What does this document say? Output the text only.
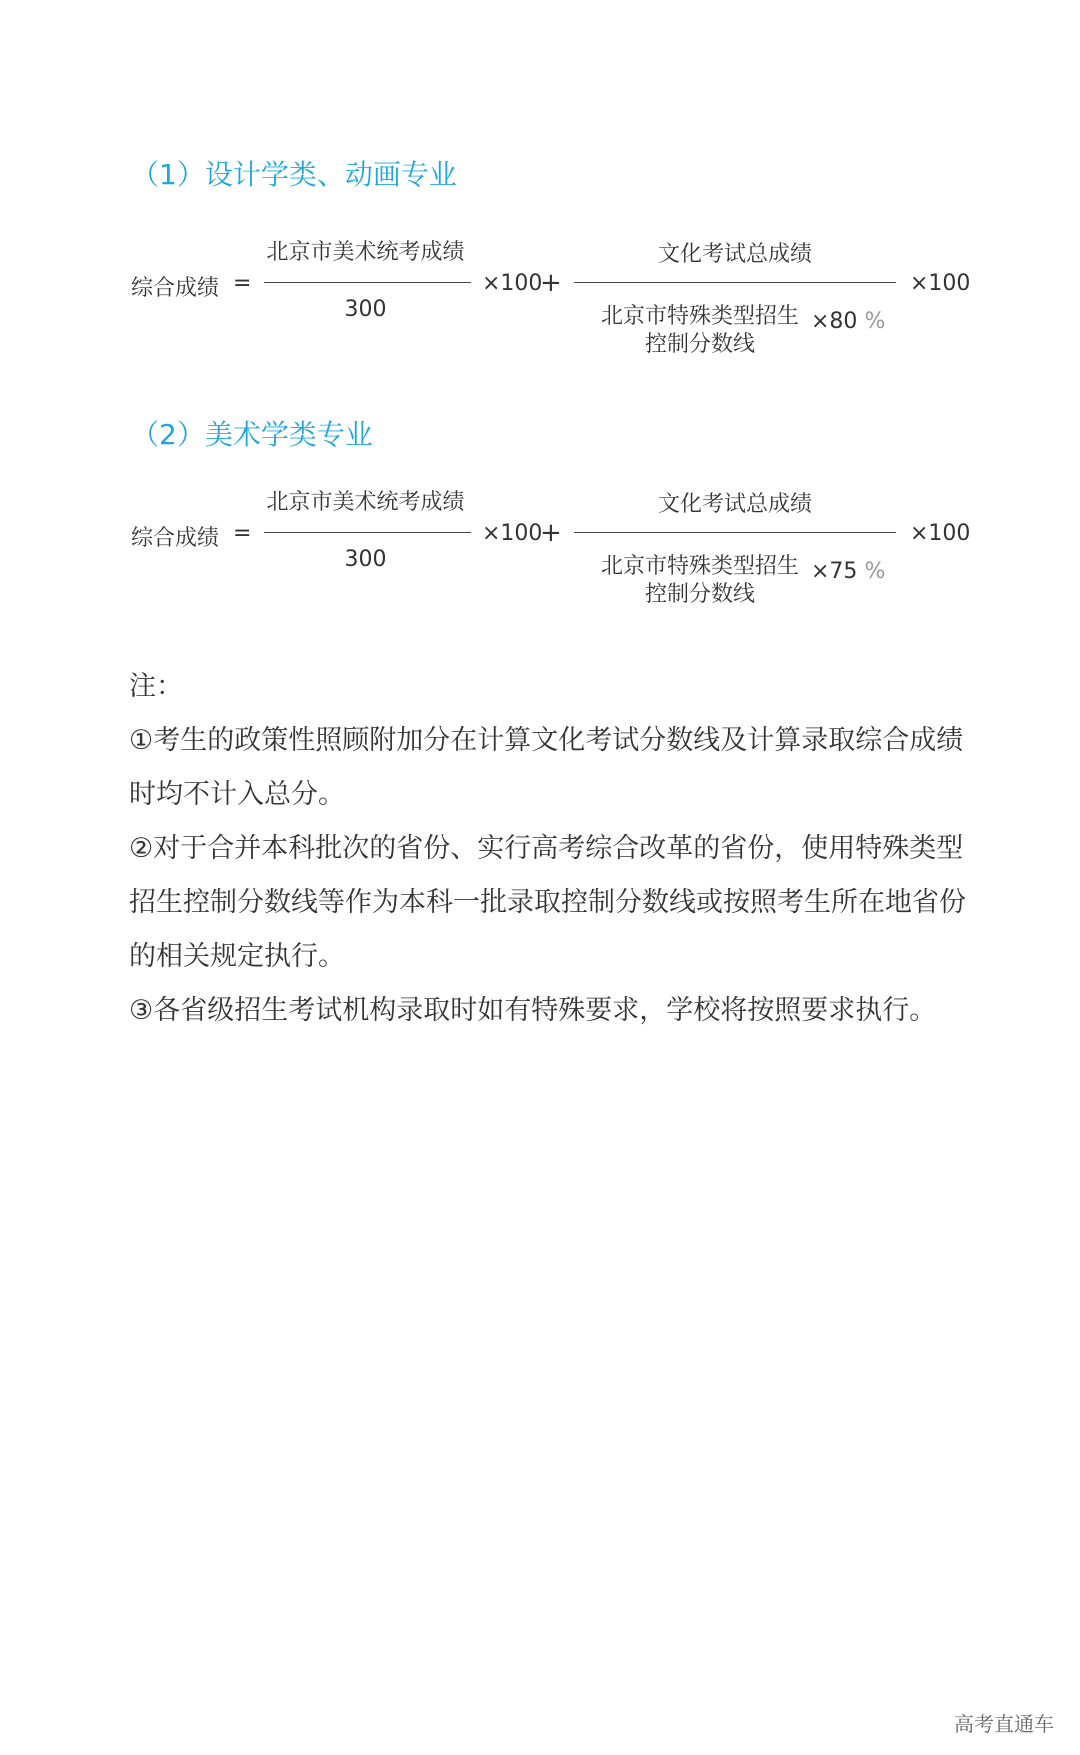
（1）设计学类、动画专业
综合成绩 =
北京市美术统考成绩
300
×100
+
文化考试总成绩
北京市特殊类型招生
控制分数线
×80 %
×100
（2）美术学类专业
综合成绩 =
北京市美术统考成绩
300
×100
+
文化考试总成绩
北京市特殊类型招生
控制分数线
×75 %
×100

注：

①考生的政策性照顾附加分在计算文化考试分数线及计算录取综合成绩时均不计入总分。

②对于合并本科批次的省份、实行高考综合改革的省份，使用特殊类型招生控制分数线等作为本科一批录取控制分数线或按照考生所在地省份的相关规定执行。

③各省级招生考试机构录取时如有特殊要求，学校将按照要求执行。

高考直通车
